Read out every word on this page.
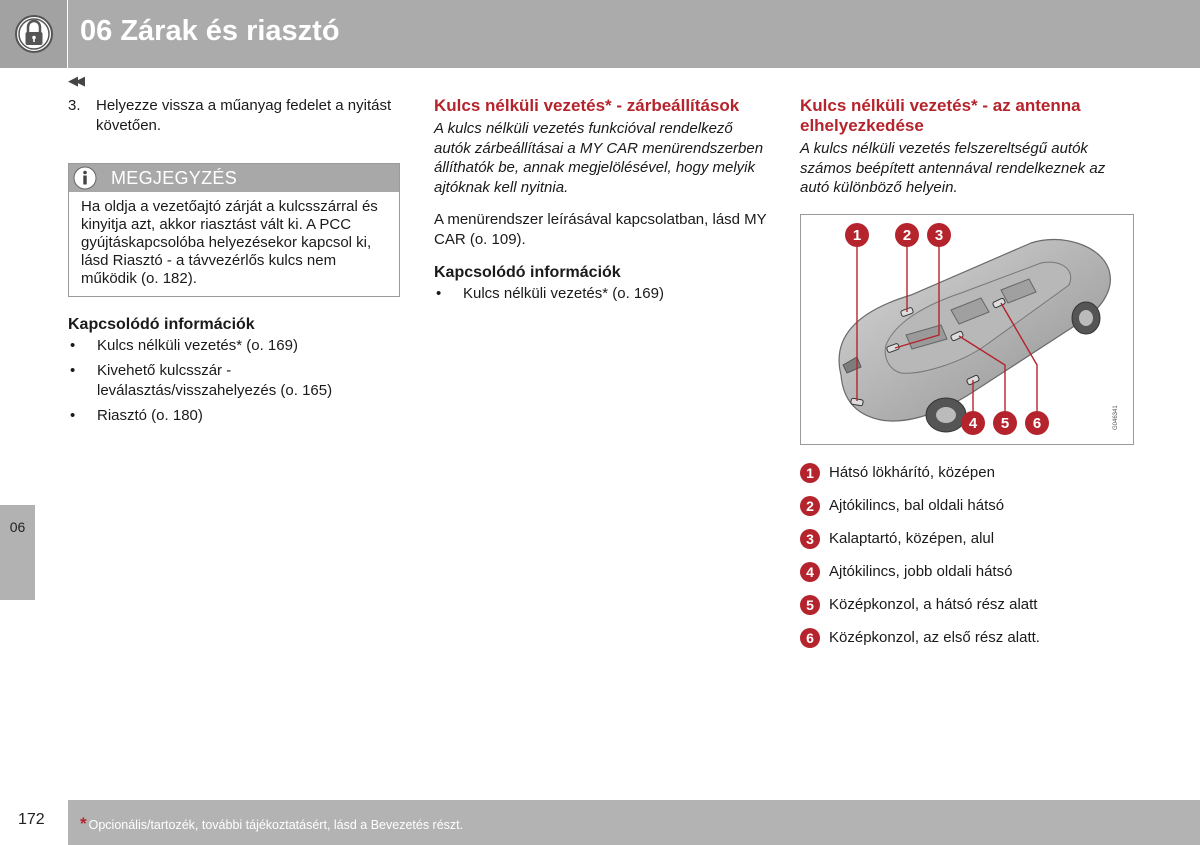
06 Zárak és riasztó
◀◀
06
3.	Helyezze vissza a műanyag fedelet a nyitást követően.
MEGJEGYZÉS
Ha oldja a vezetőajtó zárját a kulcsszárral és kinyitja azt, akkor riasztást vált ki. A PCC gyújtáskapcsolóba helyezésekor kapcsol ki, lásd Riasztó - a távvezérlős kulcs nem működik (o. 182).
Kapcsolódó információk
• Kulcs nélküli vezetés* (o. 169)
• Kivehető kulcsszár - leválasztás/visszahelyezés (o. 165)
• Riasztó (o. 180)
Kulcs nélküli vezetés* - zárbeállítások
A kulcs nélküli vezetés funkcióval rendelkező autók zárbeállításai a MY CAR menürendszerben állíthatók be, annak megjelölésével, hogy melyik ajtóknak kell nyitnia.
A menürendszer leírásával kapcsolatban, lásd MY CAR (o. 109).
Kapcsolódó információk
• Kulcs nélküli vezetés* (o. 169)
Kulcs nélküli vezetés* - az antenna elhelyezkedése
A kulcs nélküli vezetés felszereltségű autók számos beépített antennával rendelkeznek az autó különböző helyein.
1	2 3
4 5 6	G046341
1	Hátsó lökhárító, középen
2	Ajtókilincs, bal oldali hátsó
3	Kalaptartó, középen, alul
4	Ajtókilincs, jobb oldali hátsó
5	Középkonzol, a hátsó rész alatt
6	Középkonzol, az első rész alatt.
172 * Opcionális/tartozék, további tájékoztatásért, lásd a Bevezetés részt.
